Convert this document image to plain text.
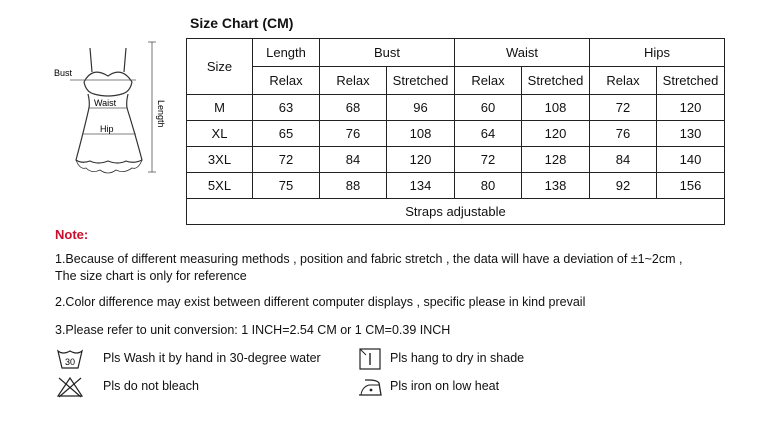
Bust
Waist
Hip
Length
Size Chart (CM)
Size	Length	Bust		Waist		Hips	
	Relax	Relax	Stretched	Relax	Stretched	Relax	Stretched
M	63	68	96	60	108	72	120
XL	65	76	108	64	120	76	130
3XL	72	84	120	72	128	84	140
5XL	75	88	134	80	138	92	156
Straps adjustable							
Note:
1.Because of different measuring methods , position and fabric stretch , the data will have a deviation of ±1~2cm ,
The size chart is only for reference
2.Color difference may exist between different computer displays , specific please in kind prevail
3.Please refer to unit conversion: 1 INCH=2.54 CM or 1 CM=0.39 INCH
30 Pls Wash it by hand in 30-degree water
Pls do not bleach
Pls hang to dry in shade
Pls iron on low heat
